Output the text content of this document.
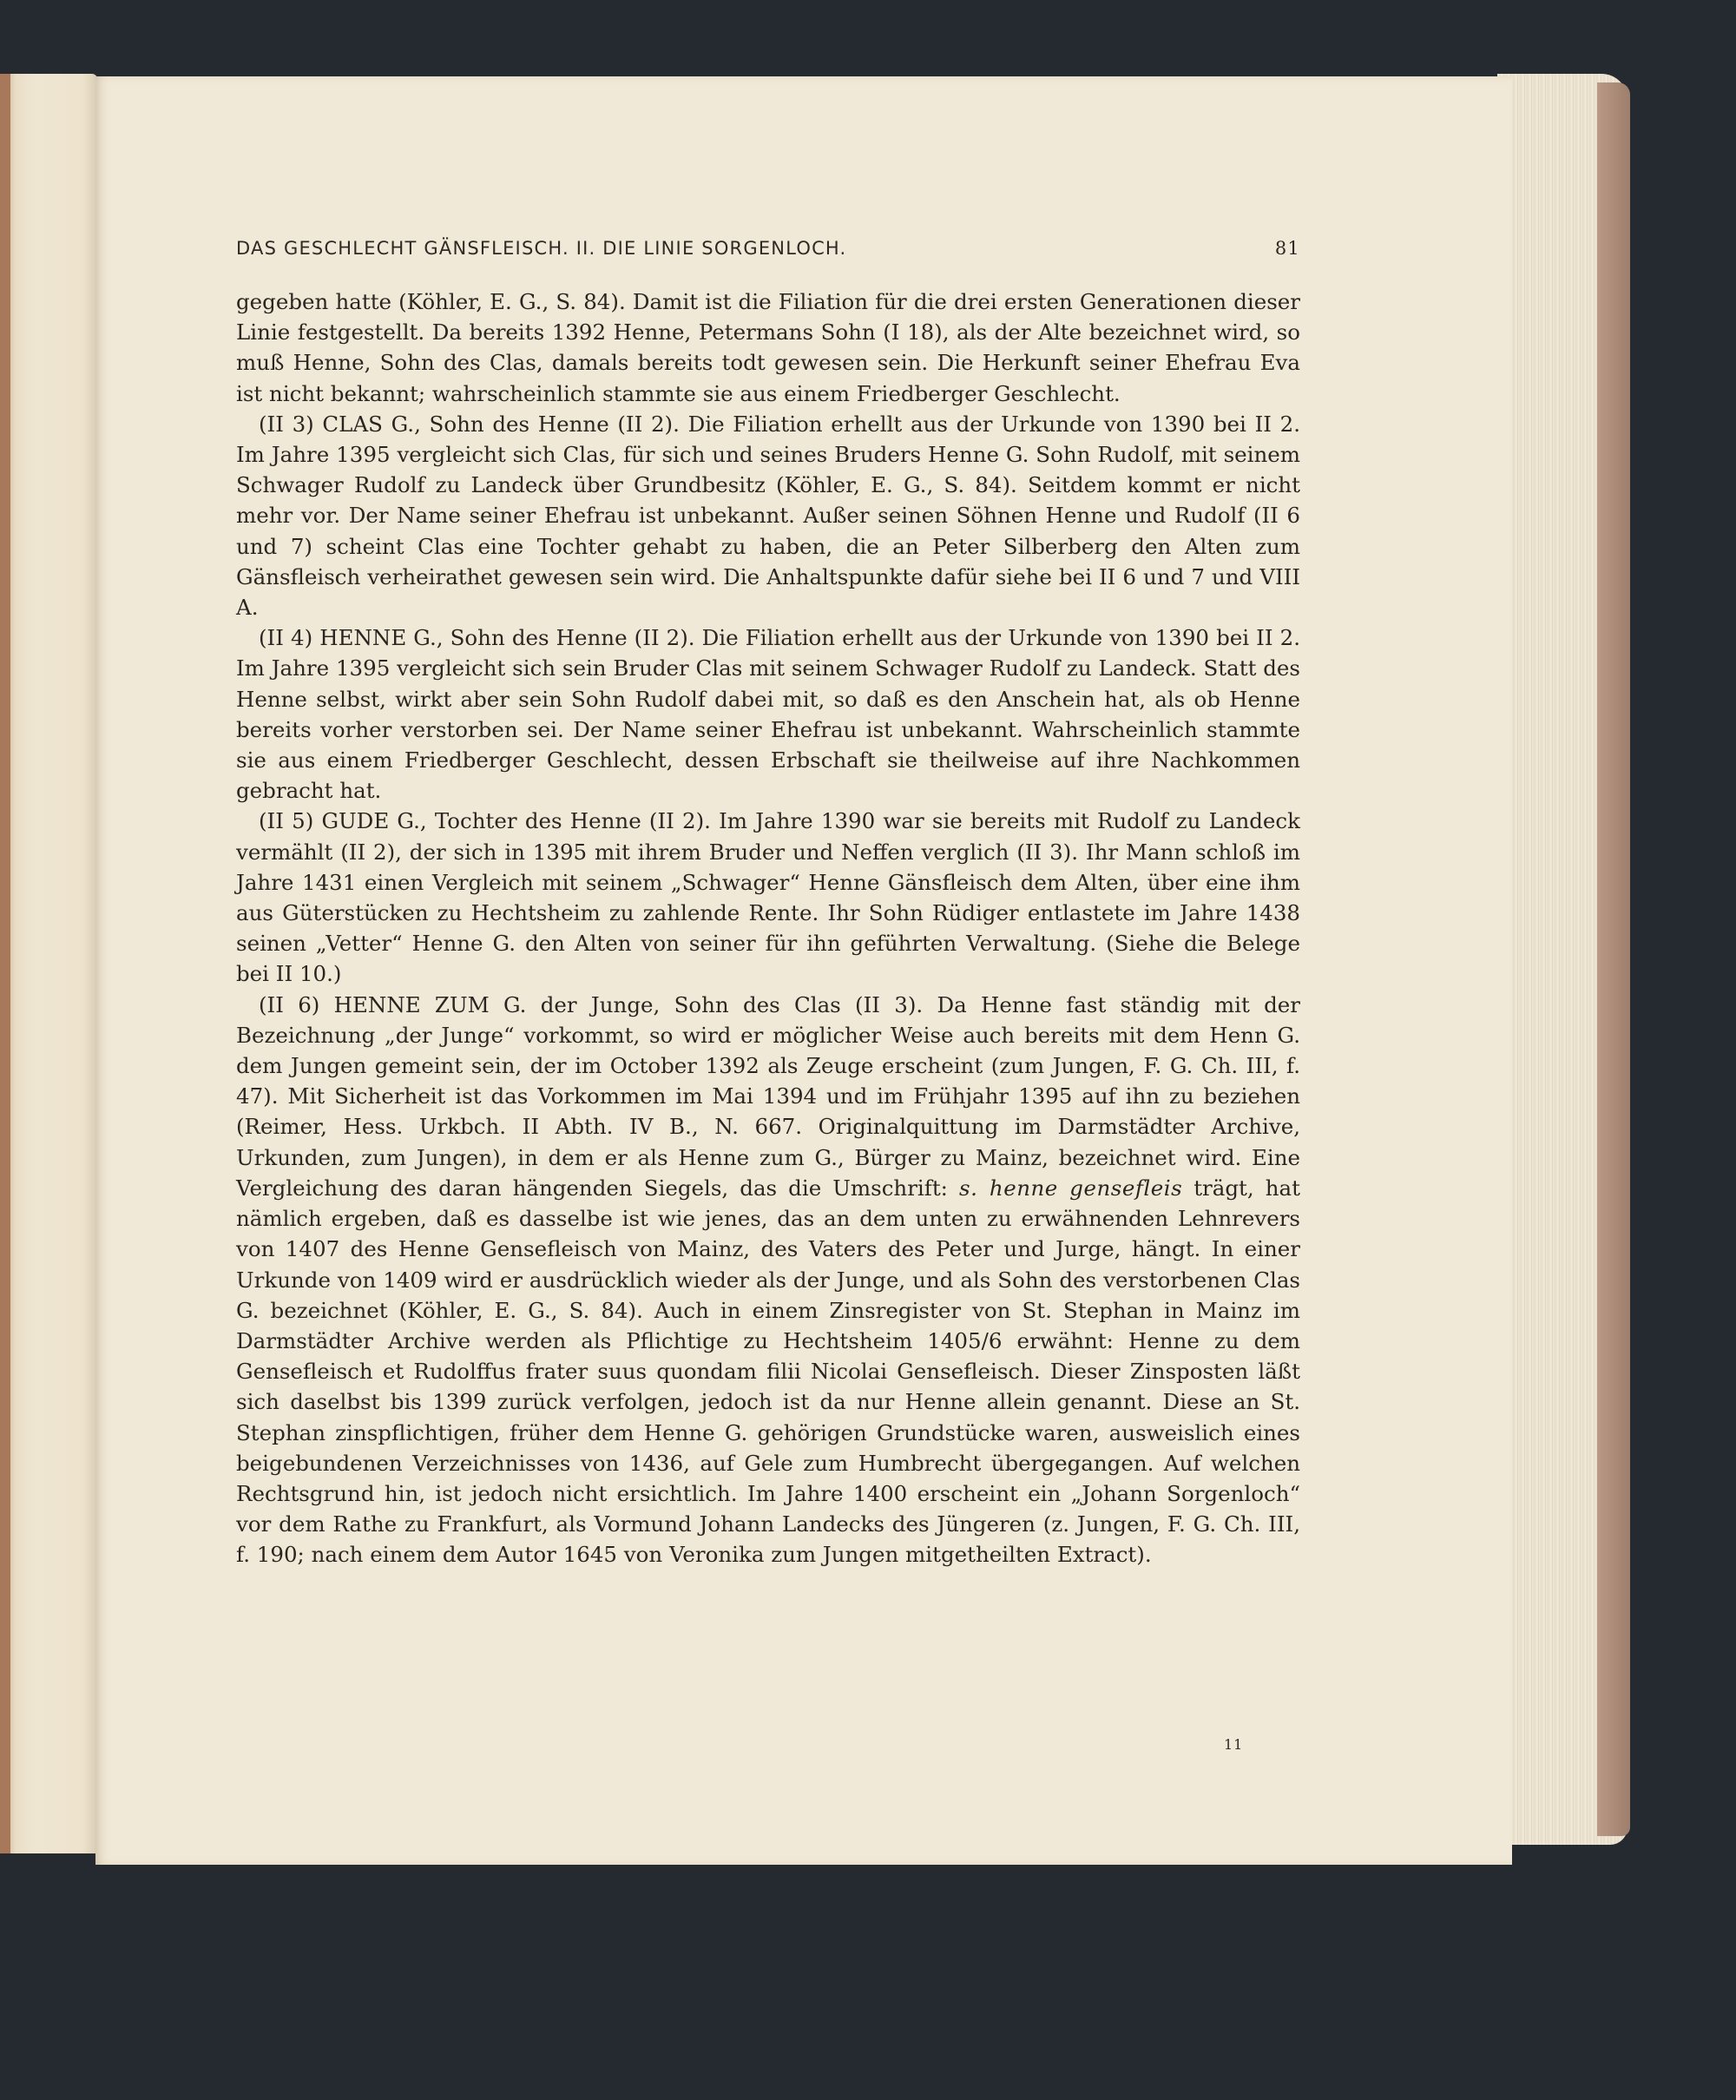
DAS GESCHLECHT GÄNSFLEISCH. II. DIE LINIE SORGENLOCH.	81

gegeben hatte (Köhler, E. G., S. 84). Damit ist die Filiation für die drei ersten Generationen dieser Linie festgestellt. Da bereits 1392 Henne, Petermans Sohn (I 18), als der Alte bezeichnet wird, so muß Henne, Sohn des Clas, damals bereits todt gewesen sein. Die Herkunft seiner Ehefrau Eva ist nicht bekannt; wahrscheinlich stammte sie aus einem Friedberger Geschlecht.

(II 3) CLAS G., Sohn des Henne (II 2). Die Filiation erhellt aus der Urkunde von 1390 bei II 2. Im Jahre 1395 vergleicht sich Clas, für sich und seines Bruders Henne G. Sohn Rudolf, mit seinem Schwager Rudolf zu Landeck über Grundbesitz (Köhler, E. G., S. 84). Seitdem kommt er nicht mehr vor. Der Name seiner Ehefrau ist unbekannt. Außer seinen Söhnen Henne und Rudolf (II 6 und 7) scheint Clas eine Tochter gehabt zu haben, die an Peter Silberberg den Alten zum Gänsfleisch verheirathet gewesen sein wird. Die Anhaltspunkte dafür siehe bei II 6 und 7 und VIII A.

(II 4) HENNE G., Sohn des Henne (II 2). Die Filiation erhellt aus der Urkunde von 1390 bei II 2. Im Jahre 1395 vergleicht sich sein Bruder Clas mit seinem Schwager Rudolf zu Landeck. Statt des Henne selbst, wirkt aber sein Sohn Rudolf dabei mit, so daß es den Anschein hat, als ob Henne bereits vorher verstorben sei. Der Name seiner Ehefrau ist unbekannt. Wahrscheinlich stammte sie aus einem Friedberger Geschlecht, dessen Erbschaft sie theilweise auf ihre Nachkommen gebracht hat.

(II 5) GUDE G., Tochter des Henne (II 2). Im Jahre 1390 war sie bereits mit Rudolf zu Landeck vermählt (II 2), der sich in 1395 mit ihrem Bruder und Neffen verglich (II 3). Ihr Mann schloß im Jahre 1431 einen Vergleich mit seinem „Schwager“ Henne Gänsfleisch dem Alten, über eine ihm aus Güterstücken zu Hechtsheim zu zahlende Rente. Ihr Sohn Rüdiger entlastete im Jahre 1438 seinen „Vetter“ Henne G. den Alten von seiner für ihn geführten Verwaltung. (Siehe die Belege bei II 10.)

(II 6) HENNE ZUM G. der Junge, Sohn des Clas (II 3). Da Henne fast ständig mit der Bezeichnung „der Junge“ vorkommt, so wird er möglicher Weise auch bereits mit dem Henn G. dem Jungen gemeint sein, der im October 1392 als Zeuge erscheint (zum Jungen, F. G. Ch. III, f. 47). Mit Sicherheit ist das Vorkommen im Mai 1394 und im Frühjahr 1395 auf ihn zu beziehen (Reimer, Hess. Urkbch. II Abth. IV B., N. 667. Originalquittung im Darmstädter Archive, Urkunden, zum Jungen), in dem er als Henne zum G., Bürger zu Mainz, bezeichnet wird. Eine Vergleichung des daran hängenden Siegels, das die Umschrift: s. henne gensefleis trägt, hat nämlich ergeben, daß es dasselbe ist wie jenes, das an dem unten zu erwähnenden Lehnrevers von 1407 des Henne Gensefleisch von Mainz, des Vaters des Peter und Jurge, hängt. In einer Urkunde von 1409 wird er ausdrücklich wieder als der Junge, und als Sohn des verstorbenen Clas G. bezeichnet (Köhler, E. G., S. 84). Auch in einem Zinsregister von St. Stephan in Mainz im Darmstädter Archive werden als Pflichtige zu Hechtsheim 1405/6 erwähnt: Henne zu dem Gensefleisch et Rudolffus frater suus quondam filii Nicolai Gensefleisch. Dieser Zinsposten läßt sich daselbst bis 1399 zurück verfolgen, jedoch ist da nur Henne allein genannt. Diese an St. Stephan zinspflichtigen, früher dem Henne G. gehörigen Grundstücke waren, ausweislich eines beigebundenen Verzeichnisses von 1436, auf Gele zum Humbrecht übergegangen. Auf welchen Rechtsgrund hin, ist jedoch nicht ersichtlich. Im Jahre 1400 erscheint ein „Johann Sorgenloch“ vor dem Rathe zu Frankfurt, als Vormund Johann Landecks des Jüngeren (z. Jungen, F. G. Ch. III, f. 190; nach einem dem Autor 1645 von Veronika zum Jungen mitgetheilten Extract).

11
